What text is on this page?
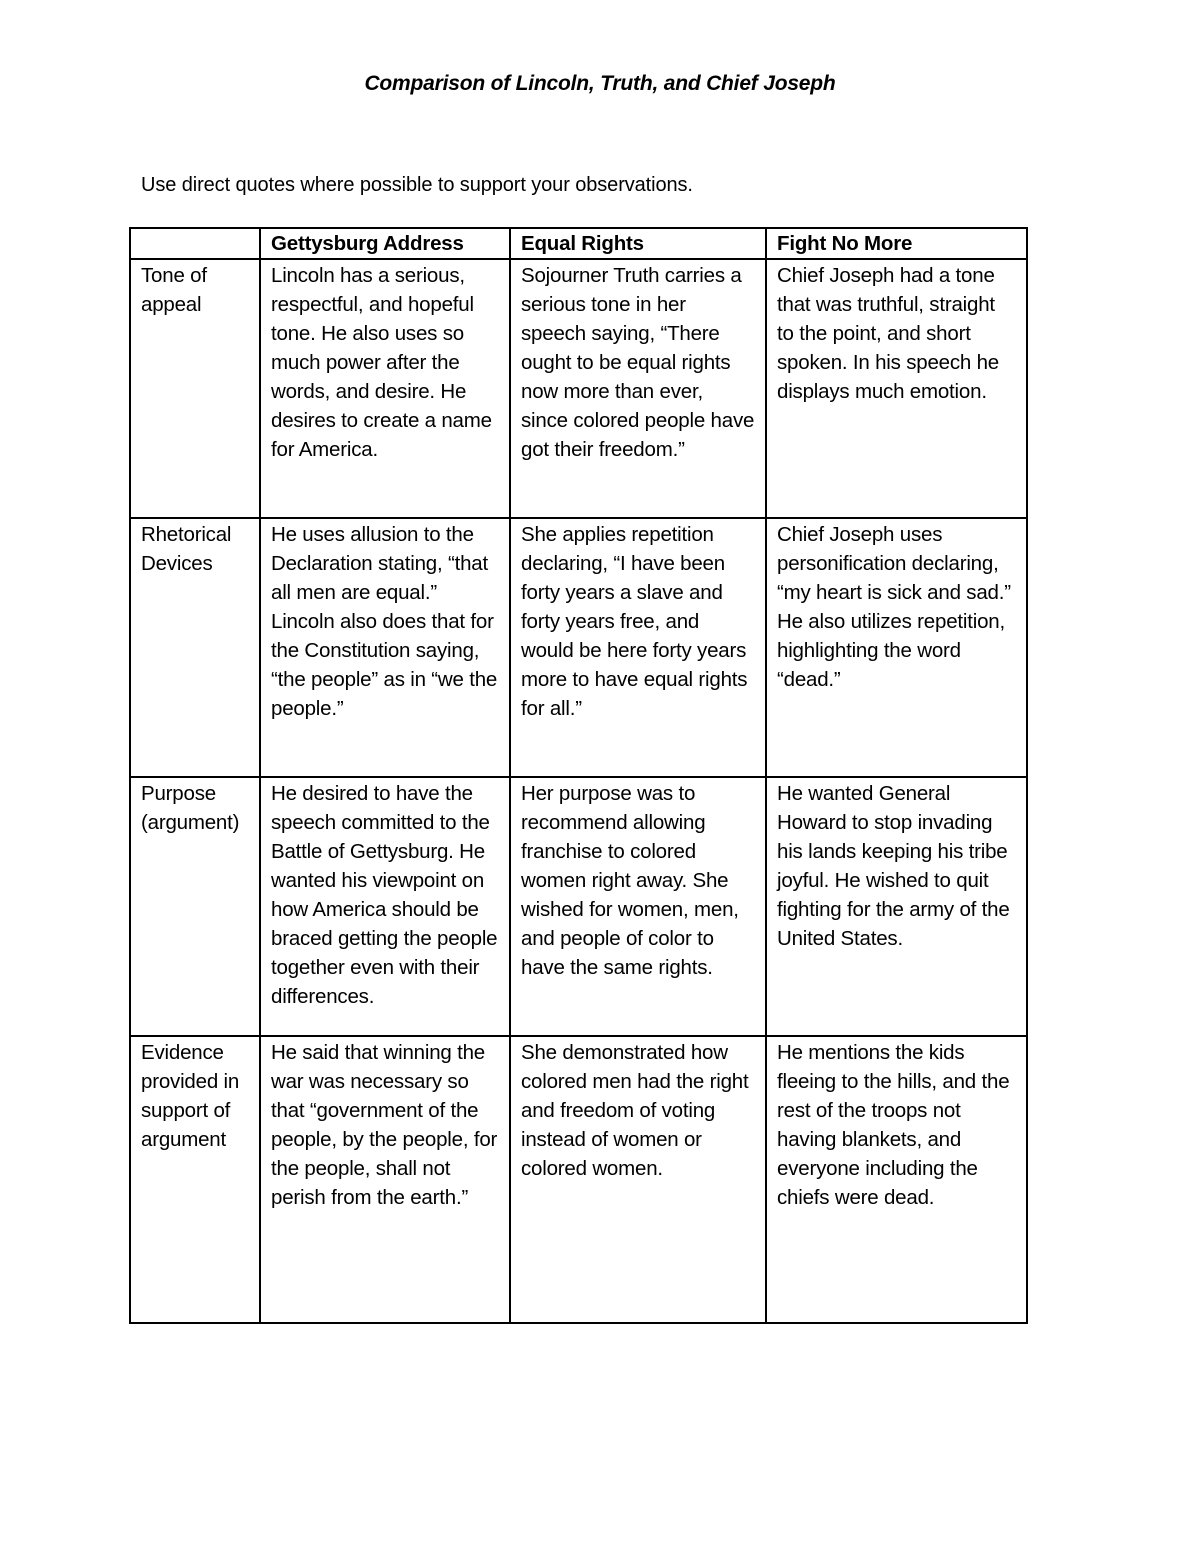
Comparison of Lincoln, Truth, and Chief Joseph
Use direct quotes where possible to support your observations.
	Gettysburg Address	Equal Rights	Fight No More
Tone of appeal	Lincoln has a serious, respectful, and hopeful tone. He also uses so much power after the words, and desire. He desires to create a name for America.	Sojourner Truth carries a serious tone in her speech saying, “There ought to be equal rights now more than ever, since colored people have got their freedom.”	Chief Joseph had a tone that was truthful, straight to the point, and short spoken. In his speech he displays much emotion.
Rhetorical Devices	He uses allusion to the Declaration stating, “that all men are equal.” Lincoln also does that for the Constitution saying, “the people” as in “we the people.”	She applies repetition declaring, “I have been forty years a slave and forty years free, and would be here forty years more to have equal rights for all.”	Chief Joseph uses personification declaring, “my heart is sick and sad.” He also utilizes repetition, highlighting the word “dead.”
Purpose (argument)	He desired to have the speech committed to the Battle of Gettysburg. He wanted his viewpoint on how America should be braced getting the people together even with their differences.	Her purpose was to recommend allowing franchise to colored women right away. She wished for women, men, and people of color to have the same rights.	He wanted General Howard to stop invading his lands keeping his tribe joyful. He wished to quit fighting for the army of the United States.
Evidence provided in support of argument	He said that winning the war was necessary so that “government of the people, by the people, for the people, shall not perish from the earth.”	She demonstrated how colored men had the right and freedom of voting instead of women or colored women.	He mentions the kids fleeing to the hills, and the rest of the troops not having blankets, and everyone including the chiefs were dead.
